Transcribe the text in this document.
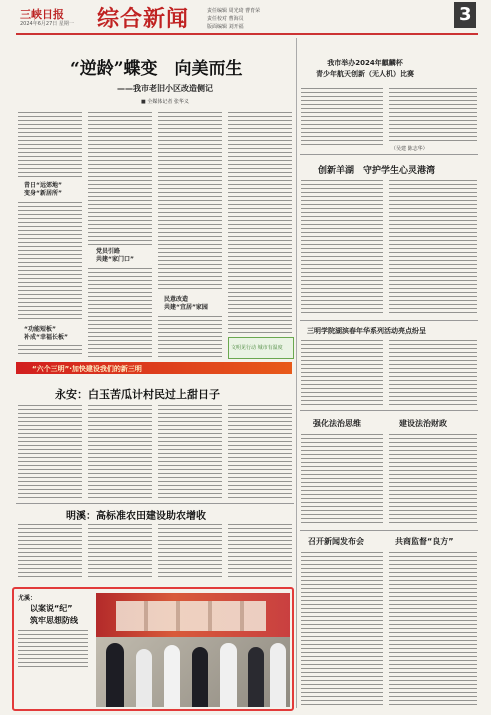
三峡日报
2024年6月27日 星期一 综合新闻	责任编辑 周光琦 曹育荣
责任校对 曹海员
版面编辑 刘开福
3
“逆龄”蝶变　向美而生
——我市老旧小区改造侧记
■ 全媒体记者 张华义
昔日“远郊地”
变身“新居所”
“功能短板”
补成“幸福长板”
党员引路
共建“家门口”
民意改造
共建“宜居”家园
文明见行动 城市有温度
我市举办2024年麒麟杯
青少年航天创新（无人机）比赛
（吴建 陈志华）
创新羊湖　守护学生心灵港湾
三明学院湖滨春年华系列活动亮点纷呈
“六个三明”·加快建设我们的新三明
永安：白玉苦瓜计村民过上甜日子
明溪：高标准农田建设助农增收
强化法治思维	建设法治财政
召开新闻发布会	共商监督“良方”
尤溪：
以案说“纪”
筑牢思想防线
